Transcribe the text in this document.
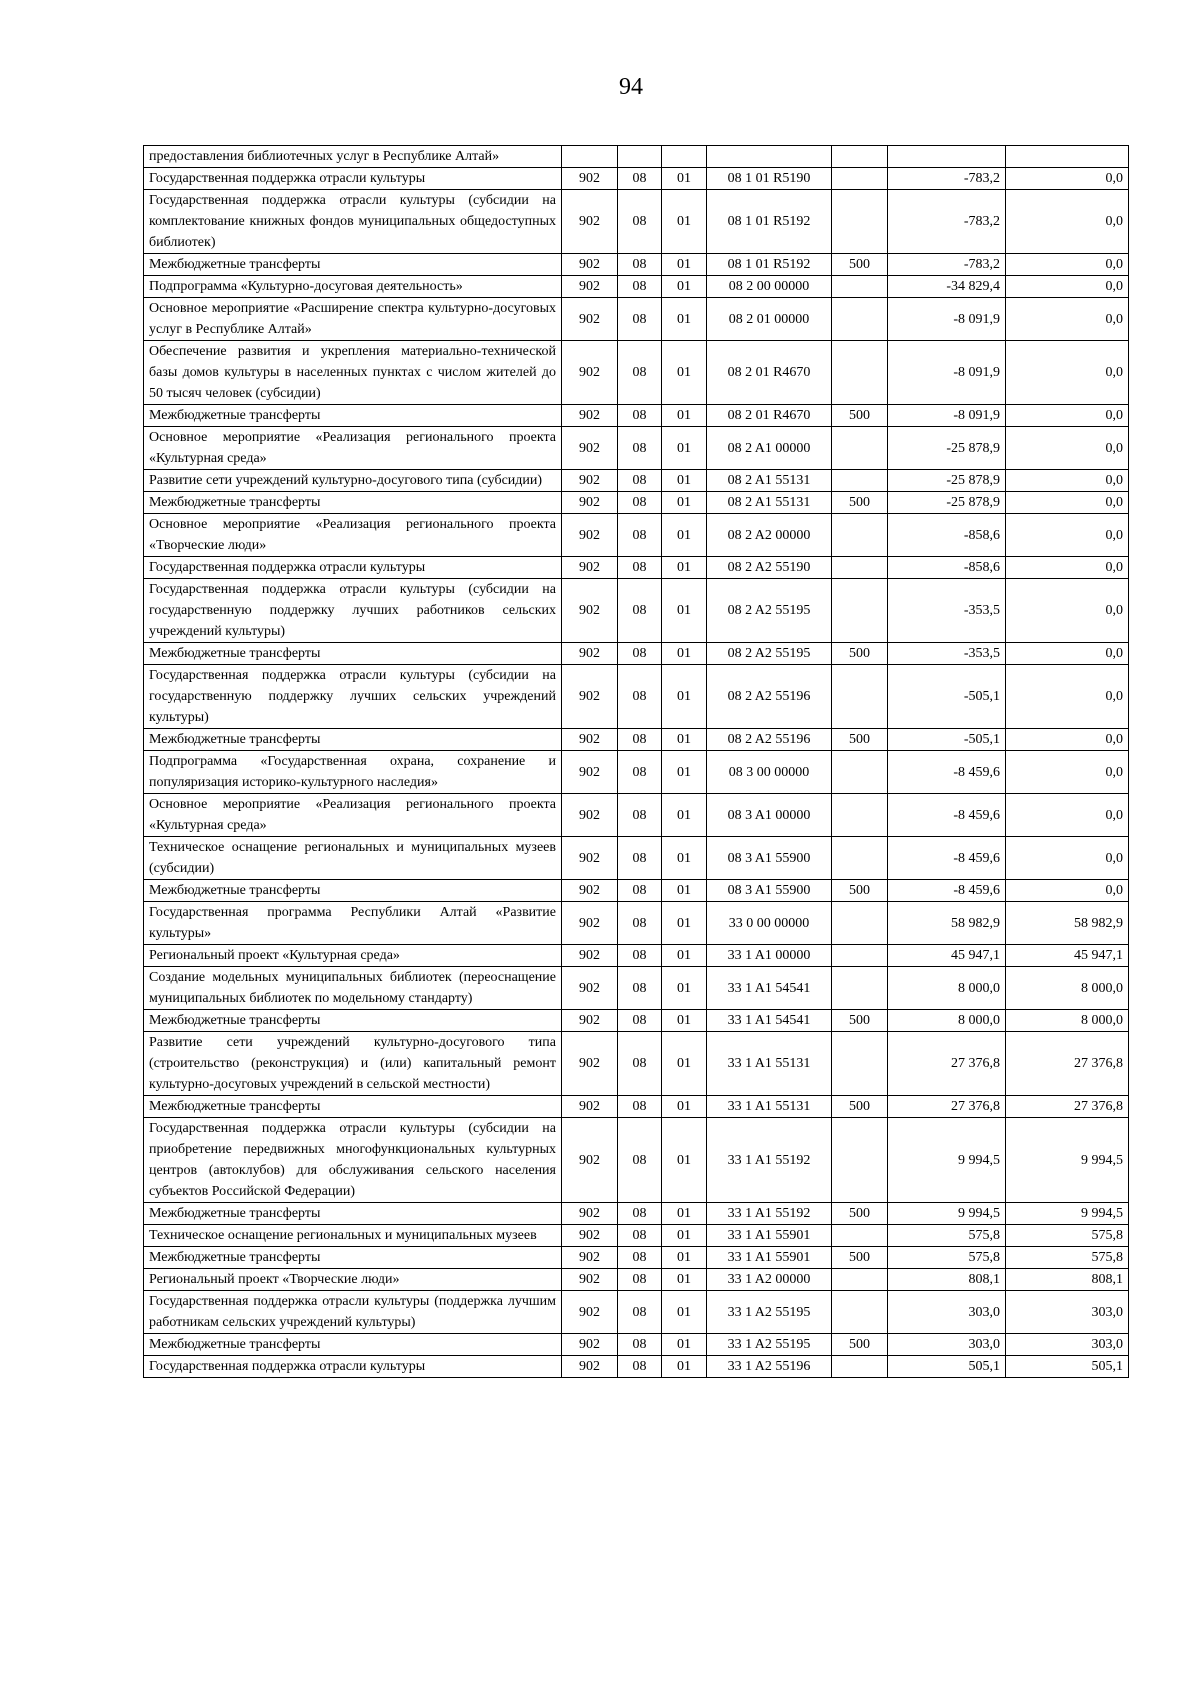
94
предоставления библиотечных услуг в Республике Алтай»							
Государственная поддержка отрасли культуры	902	08	01	08 1 01 R5190		-783,2	0,0
Государственная поддержка отрасли культуры (субсидии на комплектование книжных фондов муниципальных общедоступных библиотек)	902	08	01	08 1 01 R5192		-783,2	0,0
Межбюджетные трансферты	902	08	01	08 1 01 R5192	500	-783,2	0,0
Подпрограмма «Культурно-досуговая деятельность»	902	08	01	08 2 00 00000		-34 829,4	0,0
Основное мероприятие «Расширение спектра культурно-досуговых услуг в Республике Алтай»	902	08	01	08 2 01 00000		-8 091,9	0,0
Обеспечение развития и укрепления материально-технической базы домов культуры в населенных пунктах с числом жителей до 50 тысяч человек (субсидии)	902	08	01	08 2 01 R4670		-8 091,9	0,0
Межбюджетные трансферты	902	08	01	08 2 01 R4670	500	-8 091,9	0,0
Основное мероприятие «Реализация регионального проекта «Культурная среда»	902	08	01	08 2 A1 00000		-25 878,9	0,0
Развитие сети учреждений культурно-досугового типа (субсидии)	902	08	01	08 2 A1 55131		-25 878,9	0,0
Межбюджетные трансферты	902	08	01	08 2 A1 55131	500	-25 878,9	0,0
Основное мероприятие «Реализация регионального проекта «Творческие люди»	902	08	01	08 2 A2 00000		-858,6	0,0
Государственная поддержка отрасли культуры	902	08	01	08 2 A2 55190		-858,6	0,0
Государственная поддержка отрасли культуры (субсидии на государственную поддержку лучших работников сельских учреждений культуры)	902	08	01	08 2 A2 55195		-353,5	0,0
Межбюджетные трансферты	902	08	01	08 2 A2 55195	500	-353,5	0,0
Государственная поддержка отрасли культуры (субсидии на государственную поддержку лучших сельских учреждений культуры)	902	08	01	08 2 A2 55196		-505,1	0,0
Межбюджетные трансферты	902	08	01	08 2 A2 55196	500	-505,1	0,0
Подпрограмма «Государственная охрана, сохранение и популяризация историко-культурного наследия»	902	08	01	08 3 00 00000		-8 459,6	0,0
Основное мероприятие «Реализация регионального проекта «Культурная среда»	902	08	01	08 3 A1 00000		-8 459,6	0,0
Техническое оснащение региональных и муниципальных музеев (субсидии)	902	08	01	08 3 A1 55900		-8 459,6	0,0
Межбюджетные трансферты	902	08	01	08 3 A1 55900	500	-8 459,6	0,0
Государственная программа Республики Алтай «Развитие культуры»	902	08	01	33 0 00 00000		58 982,9	58 982,9
Региональный проект «Культурная среда»	902	08	01	33 1 A1 00000		45 947,1	45 947,1
Создание модельных муниципальных библиотек (переоснащение муниципальных библиотек по модельному стандарту)	902	08	01	33 1 A1 54541		8 000,0	8 000,0
Межбюджетные трансферты	902	08	01	33 1 A1 54541	500	8 000,0	8 000,0
Развитие сети учреждений культурно-досугового типа (строительство (реконструкция) и (или) капитальный ремонт культурно-досуговых учреждений в сельской местности)	902	08	01	33 1 A1 55131		27 376,8	27 376,8
Межбюджетные трансферты	902	08	01	33 1 A1 55131	500	27 376,8	27 376,8
Государственная поддержка отрасли культуры (субсидии на приобретение передвижных многофункциональных культурных центров (автоклубов) для обслуживания сельского населения субъектов Российской Федерации)	902	08	01	33 1 A1 55192		9 994,5	9 994,5
Межбюджетные трансферты	902	08	01	33 1 A1 55192	500	9 994,5	9 994,5
Техническое оснащение региональных и муниципальных музеев	902	08	01	33 1 A1 55901		575,8	575,8
Межбюджетные трансферты	902	08	01	33 1 A1 55901	500	575,8	575,8
Региональный проект «Творческие люди»	902	08	01	33 1 A2 00000		808,1	808,1
Государственная поддержка отрасли культуры (поддержка лучшим работникам сельских учреждений культуры)	902	08	01	33 1 A2 55195		303,0	303,0
Межбюджетные трансферты	902	08	01	33 1 A2 55195	500	303,0	303,0
Государственная поддержка отрасли культуры	902	08	01	33 1 A2 55196		505,1	505,1
